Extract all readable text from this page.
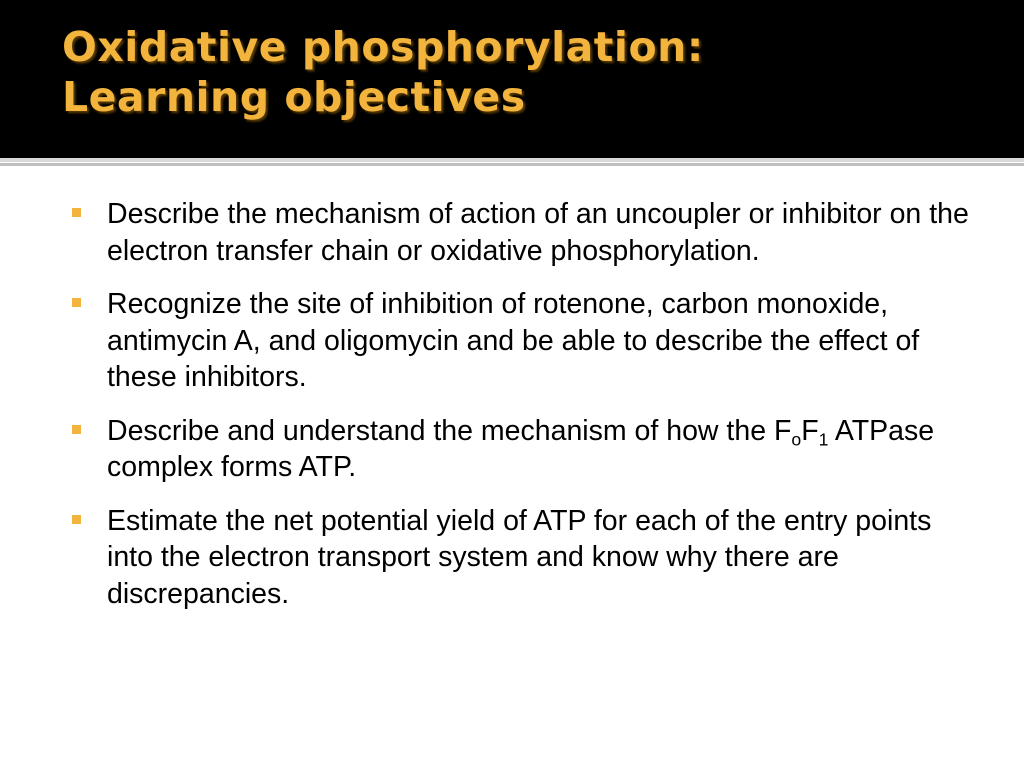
Oxidative phosphorylation:
Learning objectives
Describe the mechanism of action of an uncoupler or inhibitor on the electron transfer chain or oxidative phosphorylation.
Recognize the site of inhibition of rotenone, carbon monoxide, antimycin A, and oligomycin and be able to describe the effect of these inhibitors.
Describe and understand the mechanism of how the $F_oF_1$ ATPase complex forms ATP.
Estimate the net potential yield of ATP for each of the entry points into the electron transport system and know why there are discrepancies.
